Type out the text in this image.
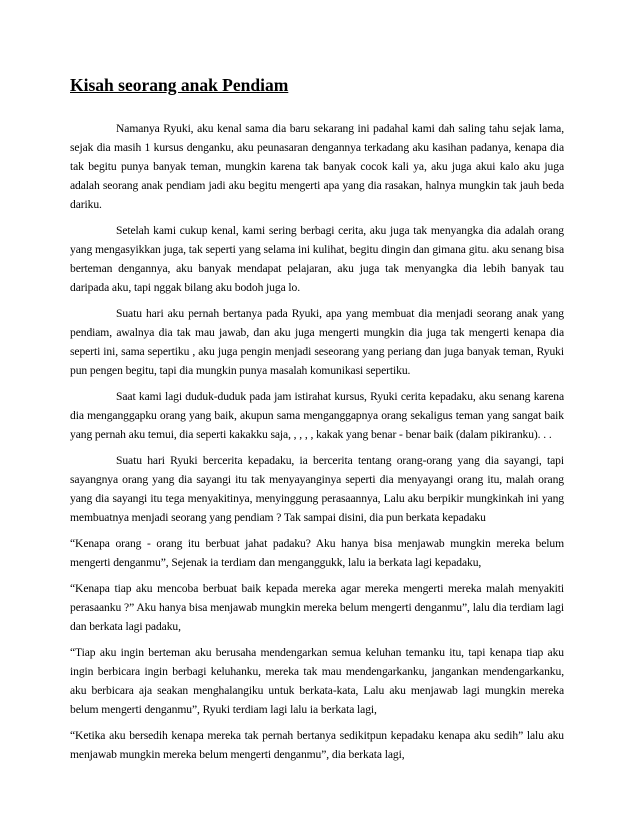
Kisah seorang anak Pendiam

Namanya Ryuki, aku kenal sama dia baru sekarang ini padahal kami dah saling tahu sejak lama, sejak dia masih 1 kursus denganku, aku peunasaran dengannya terkadang aku kasihan padanya, kenapa dia tak begitu punya banyak teman, mungkin karena tak banyak cocok kali ya, aku juga akui kalo aku juga adalah seorang anak pendiam jadi aku begitu mengerti apa yang dia rasakan, halnya mungkin tak jauh beda dariku.

Setelah kami cukup kenal, kami sering berbagi cerita, aku juga tak menyangka dia adalah orang yang mengasyikkan juga, tak seperti yang selama ini kulihat, begitu dingin dan gimana gitu. aku senang bisa berteman dengannya, aku banyak mendapat pelajaran, aku juga tak menyangka dia lebih banyak tau daripada aku, tapi nggak bilang aku bodoh juga lo.

Suatu hari aku pernah bertanya pada Ryuki, apa yang membuat dia menjadi seorang anak yang pendiam, awalnya dia tak mau jawab, dan aku juga mengerti mungkin dia juga tak mengerti kenapa dia seperti ini, sama sepertiku , aku juga pengin menjadi seseorang yang periang dan juga banyak teman, Ryuki pun pengen begitu, tapi dia mungkin punya masalah komunikasi sepertiku.

Saat kami lagi duduk-duduk pada jam istirahat kursus, Ryuki cerita kepadaku, aku senang karena dia menganggapku orang yang baik, akupun sama menganggapnya orang sekaligus teman yang sangat baik yang pernah aku temui, dia seperti kakakku saja, , , , , kakak yang benar - benar baik (dalam pikiranku). . .

Suatu hari Ryuki bercerita kepadaku, ia bercerita tentang orang-orang yang dia sayangi, tapi sayangnya orang yang dia sayangi itu tak menyayanginya seperti dia menyayangi orang itu, malah orang yang dia sayangi itu tega menyakitinya, menyinggung perasaannya, Lalu aku berpikir mungkinkah ini yang membuatnya menjadi seorang yang pendiam ? Tak sampai disini, dia pun berkata kepadaku

“Kenapa orang - orang itu berbuat jahat padaku? Aku hanya bisa menjawab mungkin mereka belum mengerti denganmu”, Sejenak ia terdiam dan menganggukk, lalu ia berkata lagi kepadaku,

“Kenapa tiap aku mencoba berbuat baik kepada mereka agar mereka mengerti mereka malah menyakiti perasaanku ?” Aku hanya bisa menjawab mungkin mereka belum mengerti denganmu”, lalu dia terdiam lagi dan berkata lagi padaku,

“Tiap aku ingin berteman aku berusaha mendengarkan semua keluhan temanku itu, tapi kenapa tiap aku ingin berbicara ingin berbagi keluhanku, mereka tak mau mendengarkanku, jangankan mendengarkanku, aku berbicara aja seakan menghalangiku untuk berkata-kata, Lalu aku menjawab lagi mungkin mereka belum mengerti denganmu”, Ryuki terdiam lagi lalu ia berkata lagi,

“Ketika aku bersedih kenapa mereka tak pernah bertanya sedikitpun kepadaku kenapa aku sedih” lalu aku menjawab mungkin mereka belum mengerti denganmu”, dia berkata lagi,
